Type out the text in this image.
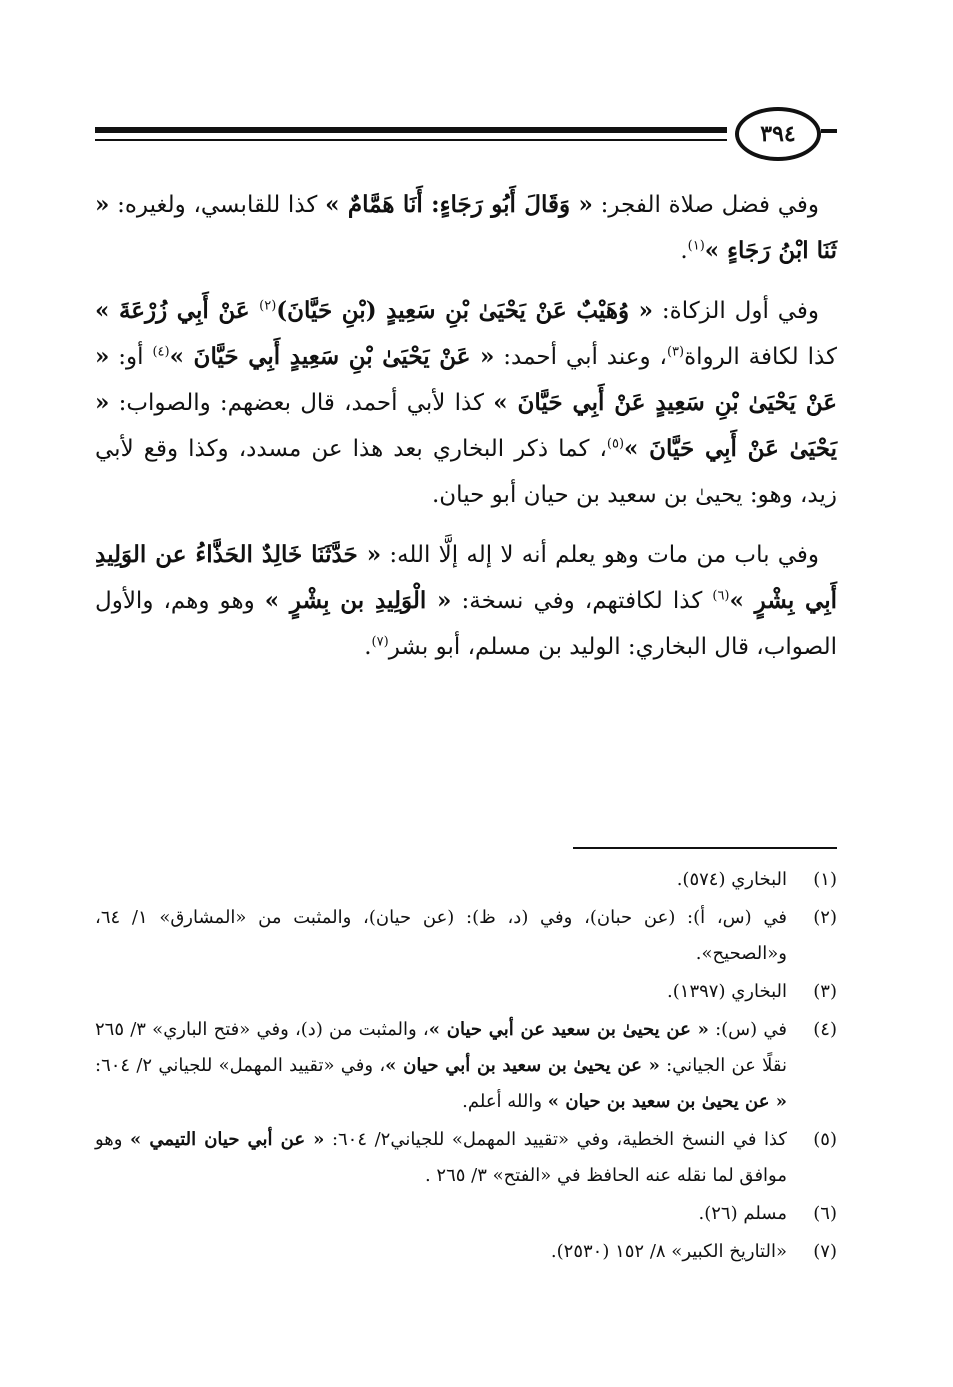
٣٩٤

وفي فضل صلاة الفجر: « وَقَالَ أَبُو رَجَاءٍ: أَنَا هَمَّامٌ » كذا للقابسي، ولغيره: « ثَنَا ابْنُ رَجَاءٍ »$^{(١)}$.

وفي أول الزكاة: « وُهَيْبٌ عَنْ يَحْيَىٰ بْنِ سَعِيدٍ (بْنِ حَيَّانَ)$^{(٢)}$ عَنْ أَبِي زُرْعَةَ » كذا لكافة الرواة$^{(٣)}$، وعند أبي أحمد: « عَنْ يَحْيَىٰ بْنِ سَعِيدٍ أَبِي حَيَّانَ »$^{(٤)}$ أو: « عَنْ يَحْيَىٰ بْنِ سَعِيدٍ عَنْ أَبِي حَيَّانَ » كذا لأبي أحمد، قال بعضهم: والصواب: « يَحْيَىٰ عَنْ أَبِي حَيَّانَ »$^{(٥)}$، كما ذكر البخاري بعد هذا عن مسدد، وكذا وقع لأبي زيد، وهو: يحيىٰ بن سعيد بن حيان أبو حيان.

وفي باب من مات وهو يعلم أنه لا إله إلَّا الله: « حَدَّثَنَا خَالِدٌ الحَذَّاءُ عن الوَلِيدِ أَبِي بِشْرٍ »$^{(٦)}$ كذا لكافتهم، وفي نسخة: « الْوَلِيدِ بن بِشْرٍ » وهو وهم، والأول الصواب، قال البخاري: الوليد بن مسلم، أبو بشر$^{(٧)}$.

(١)
البخاري (٥٧٤).
(٢)
في (س، أ): (عن حبان)، وفي (د، ظ): (عن حيان)، والمثبت من «المشارق» ١/ ٦٤، و«الصحيح».
(٣)
البخاري (١٣٩٧).
(٤)
في (س): « عن يحيىٰ بن سعيد عن أبي حيان »، والمثبت من (د)، وفي «فتح الباري» ٣/ ٢٦٥ نقلًا عن الجياني: « عن يحيىٰ بن سعيد بن أبي حيان »، وفي «تقييد المهمل» للجياني ٢/ ٦٠٤: « عن يحيىٰ بن سعيد بن حيان » والله أعلم.
(٥)
كذا في النسخ الخطية، وفي «تقييد المهمل» للجياني٢/ ٦٠٤: « عن أبي حيان التيمي » وهو موافق لما نقله عنه الحافظ في «الفتح» ٣/ ٢٦٥ .
(٦)
مسلم (٢٦).
(٧)
«التاريخ الكبير» ٨/ ١٥٢ (٢٥٣٠).
